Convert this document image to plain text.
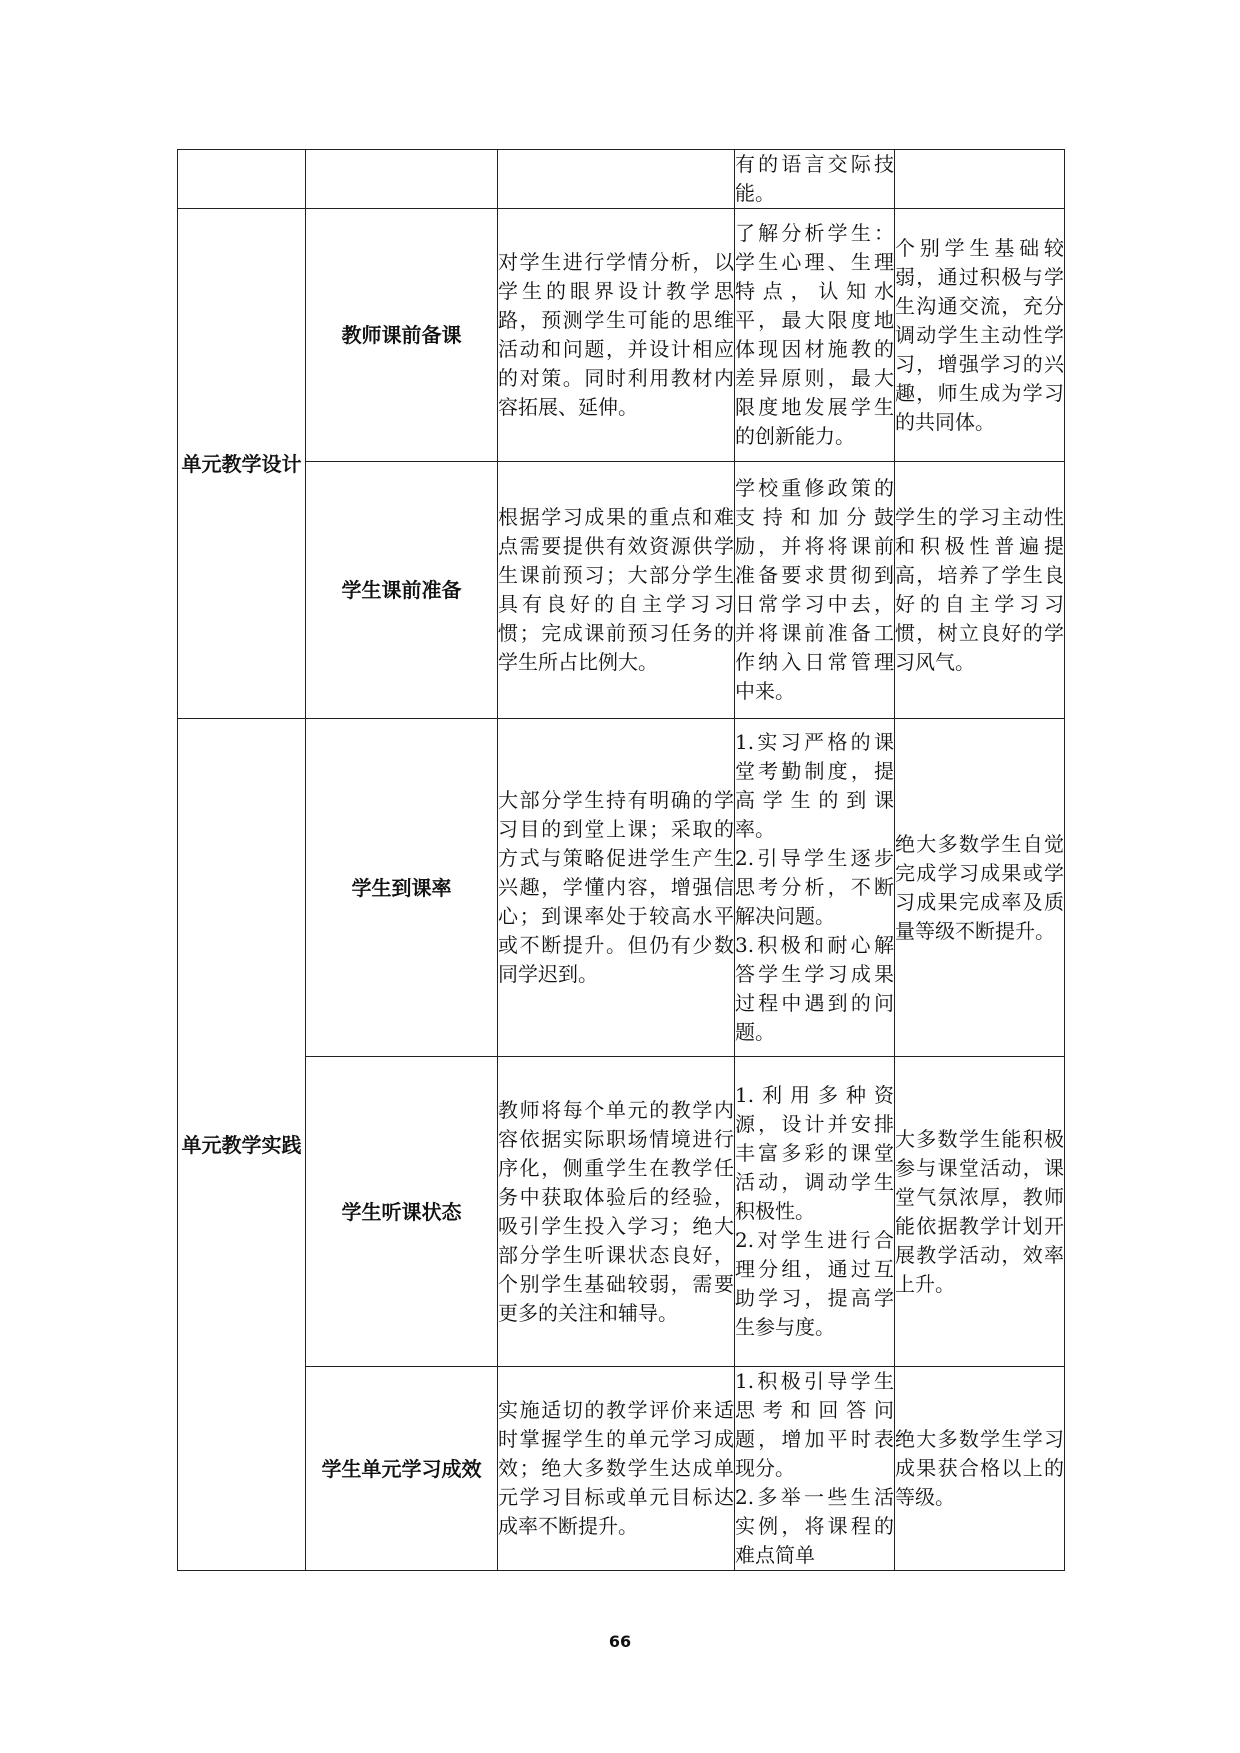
			有的语言交际技能。	
单元教学设计	教师课前备课	对学生进行学情分析，以学生的眼界设计教学思路，预测学生可能的思维活动和问题，并设计相应的对策。同时利用教材内容拓展、延伸。	了解分析学生：学生心理、生理特点，认知水平，最大限度地体现因材施教的差异原则，最大限度地发展学生的创新能力。	个别学生基础较弱，通过积极与学生沟通交流，充分调动学生主动性学习，增强学习的兴趣，师生成为学习的共同体。
	学生课前准备	根据学习成果的重点和难点需要提供有效资源供学生课前预习；大部分学生具有良好的自主学习习惯；完成课前预习任务的学生所占比例大。	学校重修政策的支持和加分鼓励，并将将课前准备要求贯彻到日常学习中去，并将课前准备工作纳入日常管理中来。	学生的学习主动性和积极性普遍提高，培养了学生良好的自主学习习惯，树立良好的学习风气。
单元教学实践	学生到课率	大部分学生持有明确的学习目的到堂上课；采取的方式与策略促进学生产生兴趣，学懂内容，增强信心；到课率处于较高水平或不断提升。但仍有少数同学迟到。	1.实习严格的课堂考勤制度，提高学生的到课率。
2.引导学生逐步思考分析，不断解决问题。
3.积极和耐心解答学生学习成果过程中遇到的问题。	绝大多数学生自觉完成学习成果或学习成果完成率及质量等级不断提升。
	学生听课状态	教师将每个单元的教学内容依据实际职场情境进行序化，侧重学生在教学任务中获取体验后的经验，吸引学生投入学习；绝大部分学生听课状态良好，个别学生基础较弱，需要更多的关注和辅导。	1.利用多种资源，设计并安排丰富多彩的课堂活动，调动学生积极性。
2.对学生进行合理分组，通过互助学习，提高学生参与度。	大多数学生能积极参与课堂活动，课堂气氛浓厚，教师能依据教学计划开展教学活动，效率上升。
	学生单元学习成效	实施适切的教学评价来适时掌握学生的单元学习成效；绝大多数学生达成单元学习目标或单元目标达成率不断提升。	1.积极引导学生思考和回答问题，增加平时表现分。
2.多举一些生活实例，将课程的难点简单	绝大多数学生学习成果获合格以上的等级。
66
